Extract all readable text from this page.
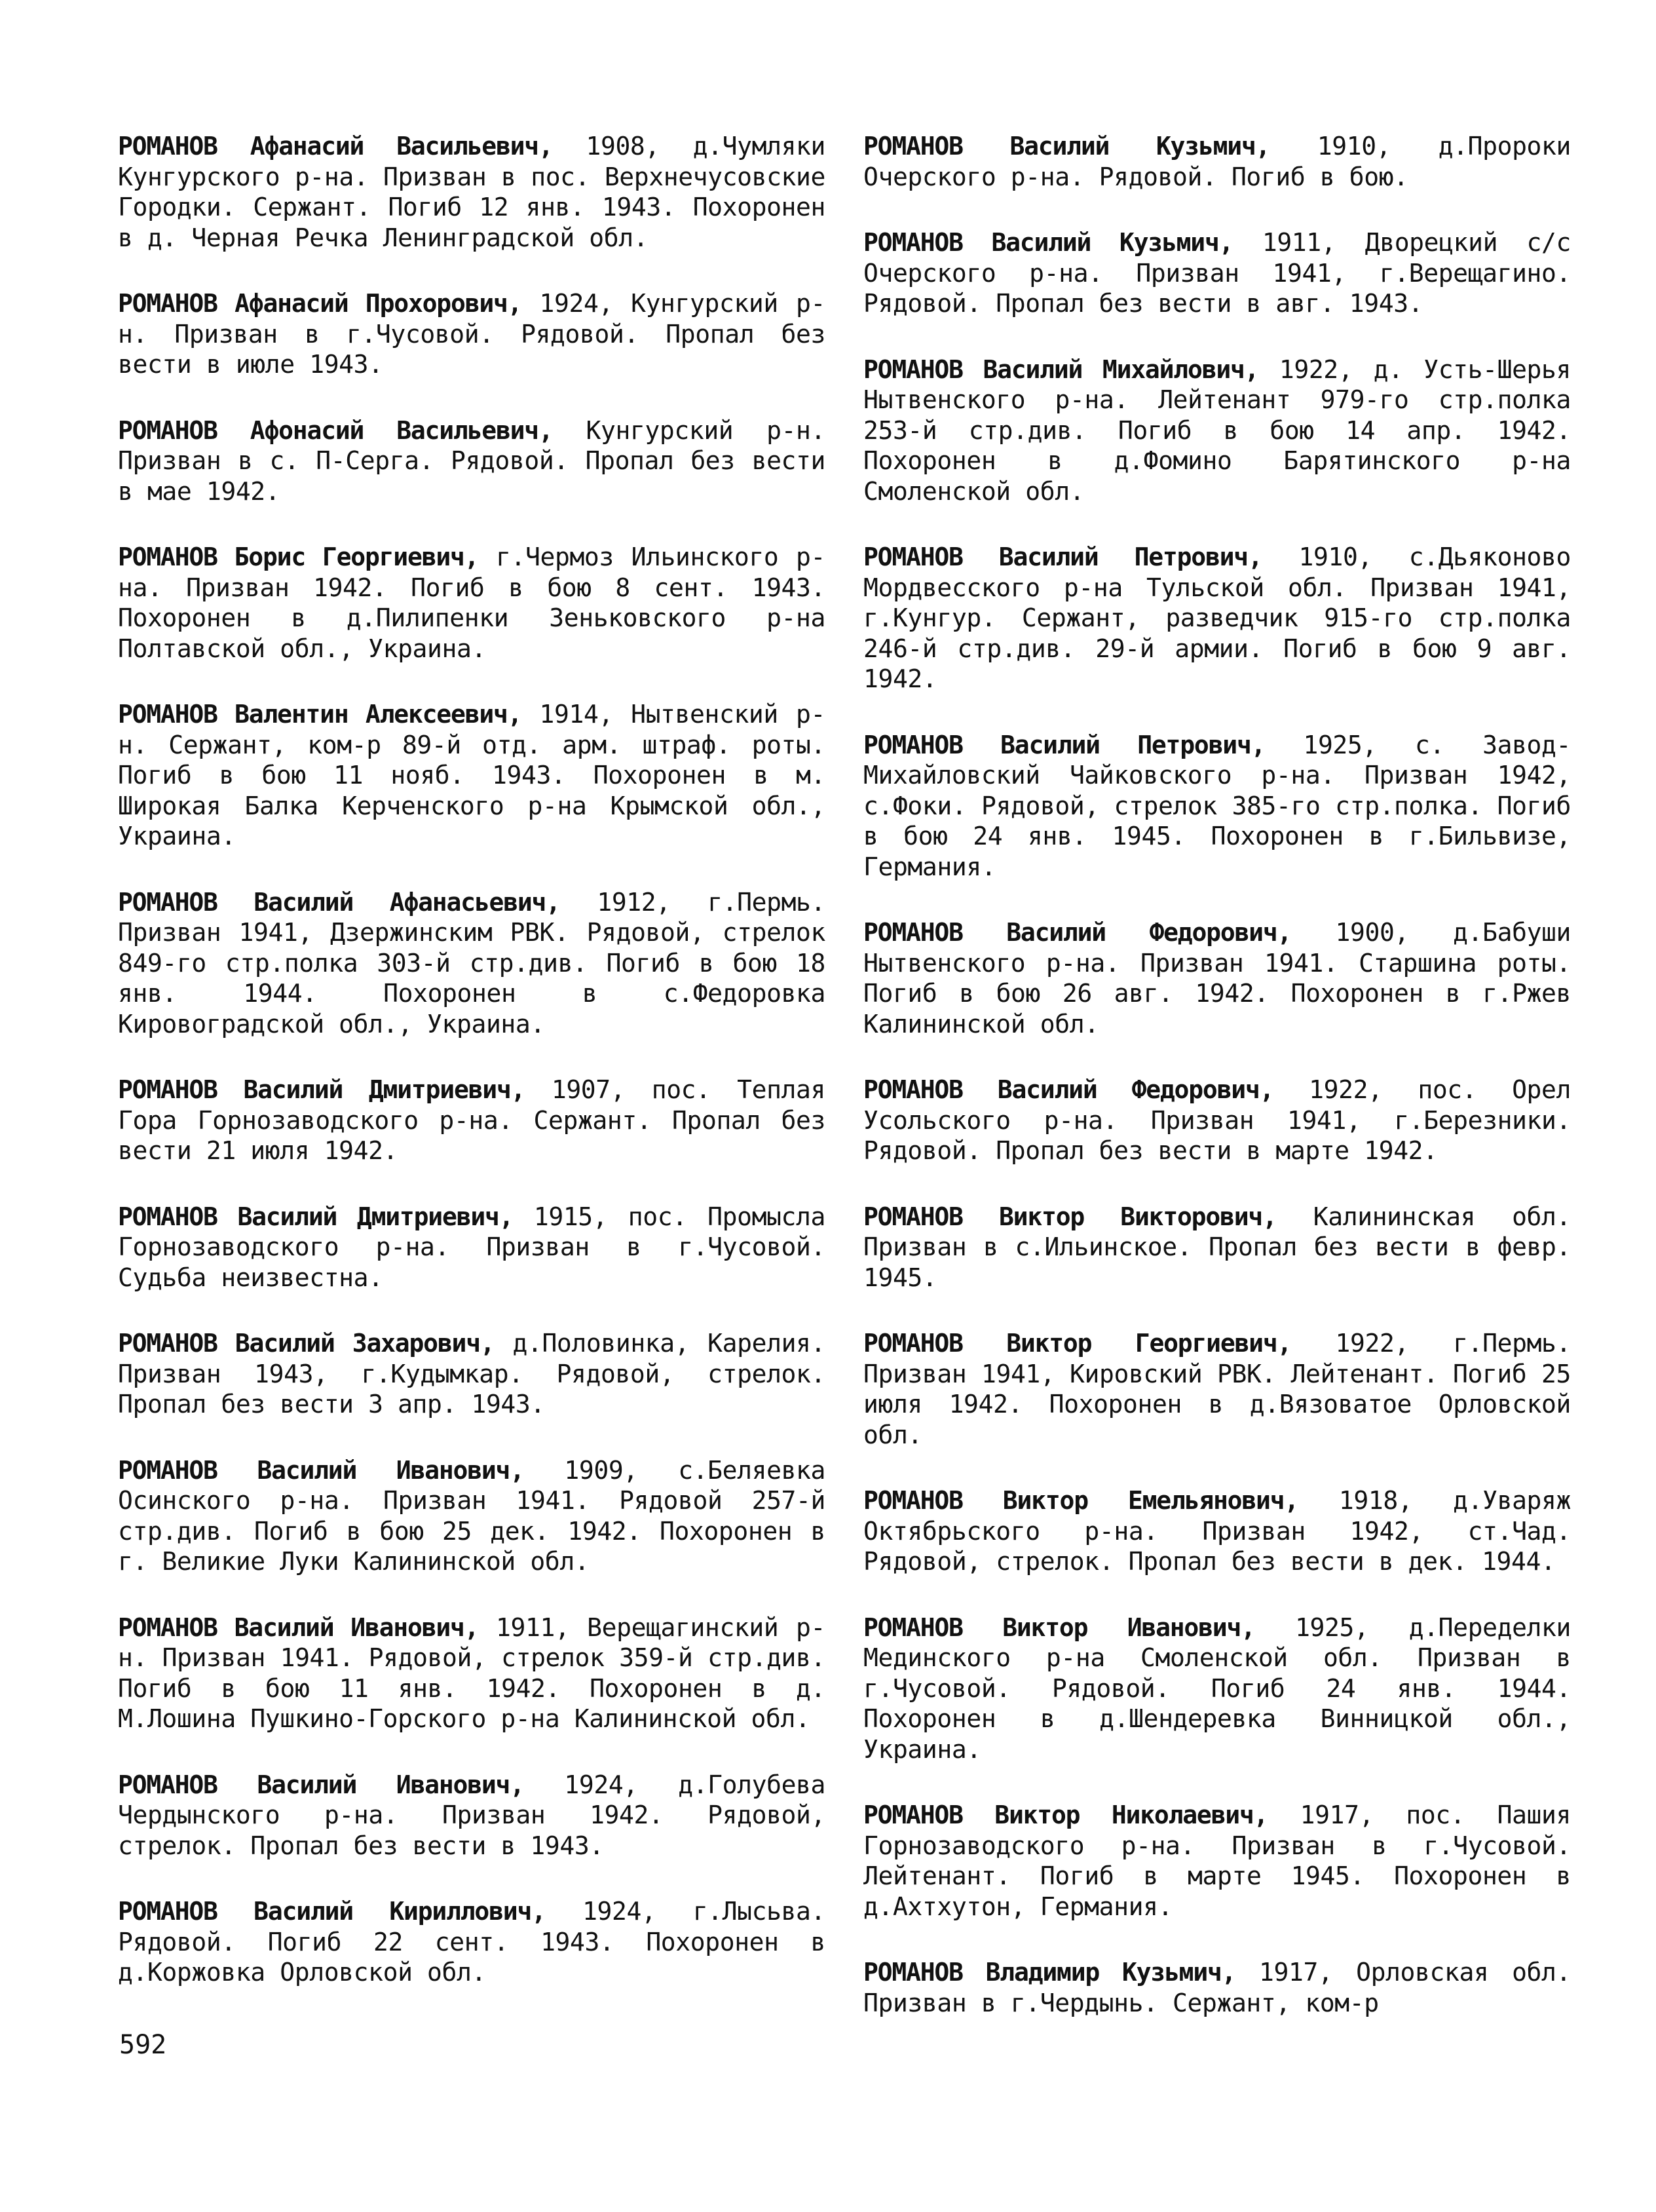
РОМАНОВ Афанасий Васильевич, 1908, д.Чумляки Кунгурского р-на. Призван в пос. Верхнечусовские Городки. Сержант. Погиб 12 янв. 1943. Похоронен в д. Черная Речка Ленинградской обл.

РОМАНОВ Афанасий Прохорович, 1924, Кунгурский р-н. Призван в г.Чусовой. Рядовой. Пропал без вести в июле 1943.

РОМАНОВ Афонасий Васильевич, Кунгурский р-н. Призван в с. П-Серга. Рядовой. Пропал без вести в мае 1942.

РОМАНОВ Борис Георгиевич, г.Чермоз Ильинского р-на. Призван 1942. Погиб в бою 8 сент. 1943. Похоронен в д.Пилипенки Зеньковского р-на Полтавской обл., Украина.

РОМАНОВ Валентин Алексеевич, 1914, Нытвенский р-н. Сержант, ком-р 89-й отд. арм. штраф. роты. Погиб в бою 11 нояб. 1943. Похоронен в м. Широкая Балка Керченского р-на Крымской обл., Украина.

РОМАНОВ Василий Афанасьевич, 1912, г.Пермь. Призван 1941, Дзержинским РВК. Рядовой, стрелок 849-го стр.полка 303-й стр.див. Погиб в бою 18 янв. 1944. Похоронен в с.Федоровка Кировоградской обл., Украина.

РОМАНОВ Василий Дмитриевич, 1907, пос. Теплая Гора Горнозаводского р-на. Сержант. Пропал без вести 21 июля 1942.

РОМАНОВ Василий Дмитриевич, 1915, пос. Промысла Горнозаводского р-на. Призван в г.Чусовой. Судьба неизвестна.

РОМАНОВ Василий Захарович, д.Половинка, Карелия. Призван 1943, г.Кудымкар. Рядовой, стрелок. Пропал без вести 3 апр. 1943.

РОМАНОВ Василий Иванович, 1909, с.Беляевка Осинского р-на. Призван 1941. Рядовой 257-й стр.див. Погиб в бою 25 дек. 1942. Похоронен в г. Великие Луки Калининской обл.

РОМАНОВ Василий Иванович, 1911, Верещагинский р-н. Призван 1941. Рядовой, стрелок 359-й стр.див. Погиб в бою 11 янв. 1942. Похоронен в д. М.Лошина Пушкино-Горского р-на Калининской обл.

РОМАНОВ Василий Иванович, 1924, д.Голубева Чердынского р-на. Призван 1942. Рядовой, стрелок. Пропал без вести в 1943.

РОМАНОВ Василий Кириллович, 1924, г.Лысьва. Рядовой. Погиб 22 сент. 1943. Похоронен в д.Коржовка Орловской обл.

РОМАНОВ Василий Кузьмич, 1910, д.Пророки Очерского р-на. Рядовой. Погиб в бою.

РОМАНОВ Василий Кузьмич, 1911, Дворецкий с/с Очерского р-на. Призван 1941, г.Верещагино. Рядовой. Пропал без вести в авг. 1943.

РОМАНОВ Василий Михайлович, 1922, д. Усть-Шерья Нытвенского р-на. Лейтенант 979-го стр.полка 253-й стр.див. Погиб в бою 14 апр. 1942. Похоронен в д.Фомино Барятинского р-на Смоленской обл.

РОМАНОВ Василий Петрович, 1910, с.Дьяконово Мордвесского р-на Тульской обл. Призван 1941, г.Кунгур. Сержант, разведчик 915-го стр.полка 246-й стр.див. 29-й армии. Погиб в бою 9 авг. 1942.

РОМАНОВ Василий Петрович, 1925, с. Завод-Михайловский Чайковского р-на. Призван 1942, с.Фоки. Рядовой, стрелок 385-го стр.полка. Погиб в бою 24 янв. 1945. Похоронен в г.Бильвизе, Германия.

РОМАНОВ Василий Федорович, 1900, д.Бабуши Нытвенского р-на. Призван 1941. Старшина роты. Погиб в бою 26 авг. 1942. Похоронен в г.Ржев Калининской обл.

РОМАНОВ Василий Федорович, 1922, пос. Орел Усольского р-на. Призван 1941, г.Березники. Рядовой. Пропал без вести в марте 1942.

РОМАНОВ Виктор Викторович, Калининская обл. Призван в с.Ильинское. Пропал без вести в февр. 1945.

РОМАНОВ Виктор Георгиевич, 1922, г.Пермь. Призван 1941, Кировский РВК. Лейтенант. Погиб 25 июля 1942. Похоронен в д.Вязоватое Орловской обл.

РОМАНОВ Виктор Емельянович, 1918, д.Уваряж Октябрьского р-на. Призван 1942, ст.Чад. Рядовой, стрелок. Пропал без вести в дек. 1944.

РОМАНОВ Виктор Иванович, 1925, д.Переделки Мединского р-на Смоленской обл. Призван в г.Чусовой. Рядовой. Погиб 24 янв. 1944. Похоронен в д.Шендеревка Винницкой обл., Украина.

РОМАНОВ Виктор Николаевич, 1917, пос. Пашия Горнозаводского р-на. Призван в г.Чусовой. Лейтенант. Погиб в марте 1945. Похоронен в д.Ахтхутон, Германия.

РОМАНОВ Владимир Кузьмич, 1917, Орловская обл. Призван в г.Чердынь. Сержант, ком-р

592
